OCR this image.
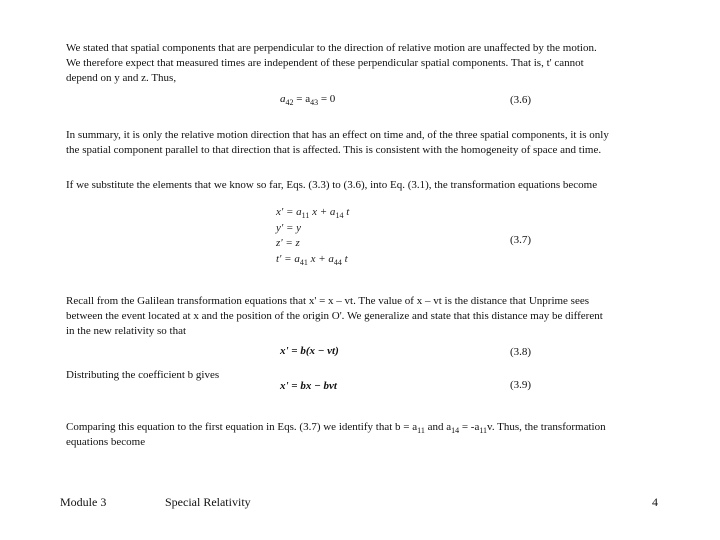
We stated that spatial components that are perpendicular to the direction of relative motion are unaffected by the motion.
We therefore expect that measured times are independent of these perpendicular spatial components. That is, t' cannot
depend on y and z. Thus,
$a_{42} = a_{43} = 0$	(3.6)
In summary, it is only the relative motion direction that has an effect on time and, of the three spatial components, it is only
the spatial component parallel to that direction that is affected. This is consistent with the homogeneity of space and time.
If we substitute the elements that we know so far, Eqs. (3.3) to (3.6), into Eq. (3.1), the transformation equations become
$x' = a_{11}$ $x + a_{14}$ t
y' = y
z' = z
$t' = a_{41}$ $x + a_{44}$ t
(3.7)
Recall from the Galilean transformation equations that x' = x – vt. The value of x – vt is the distance that Unprime sees
between the event located at x and the position of the origin O'. We generalize and state that this distance may be different
in the new relativity so that
x' = b(x − vt)	(3.8)
Distributing the coefficient b gives
x' = bx − bvt	(3.9)
Comparing this equation to the first equation in Eqs. (3.7) we identify that $b = a_{11}$ and $a_{14} = -a_{11}v$. Thus, the transformation
equations become
Module 3	Special Relativity	4
